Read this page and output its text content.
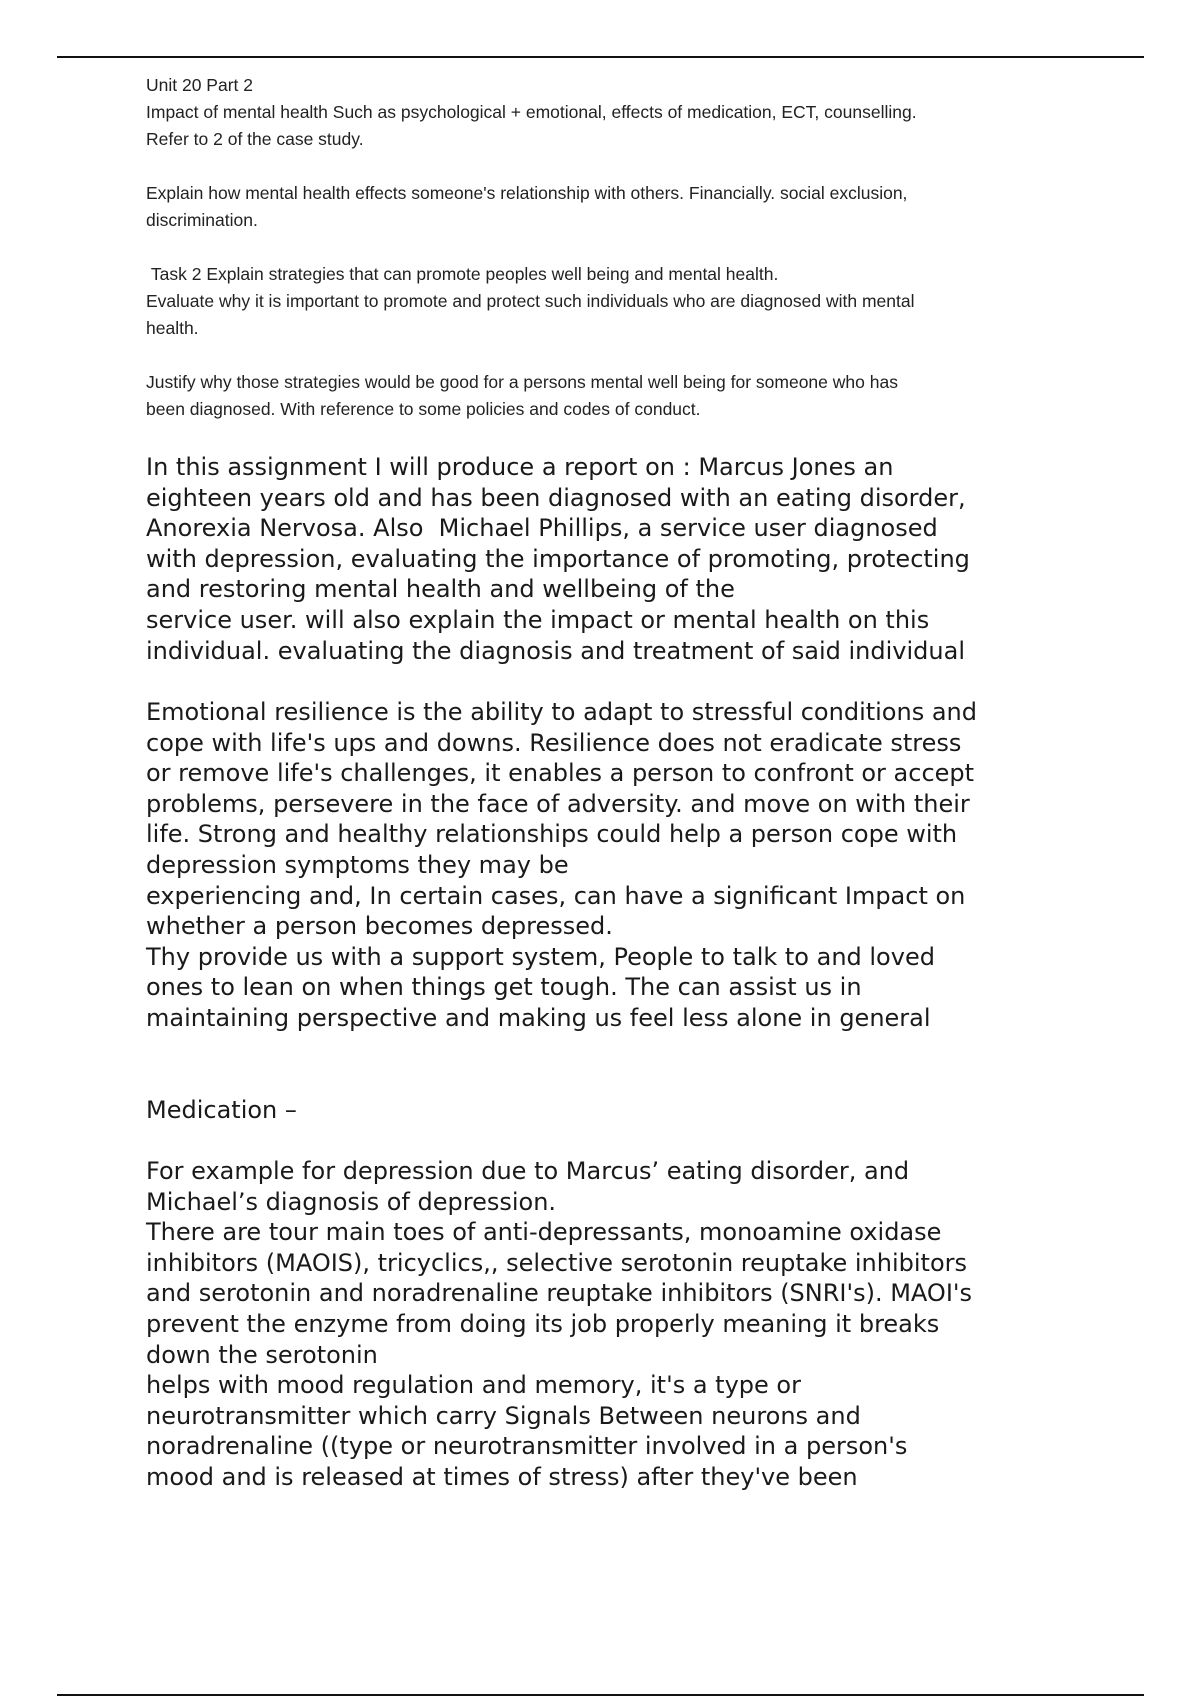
Unit 20 Part 2

Impact of mental health Such as psychological + emotional, effects of medication, ECT, counselling.

Refer to 2 of the case study.

Explain how mental health effects someone's relationship with others. Financially. social exclusion,

discrimination.

Task 2 Explain strategies that can promote peoples well being and mental health.

Evaluate why it is important to promote and protect such individuals who are diagnosed with mental

health.

Justify why those strategies would be good for a persons mental well being for someone who has

been diagnosed. With reference to some policies and codes of conduct.

In this assignment I will produce a report on : Marcus Jones an

eighteen years old and has been diagnosed with an eating disorder,

Anorexia Nervosa. Also  Michael Phillips, a service user diagnosed

with depression, evaluating the importance of promoting, protecting

and restoring mental health and wellbeing of the

service user. will also explain the impact or mental health on this

individual. evaluating the diagnosis and treatment of said individual

Emotional resilience is the ability to adapt to stressful conditions and

cope with life's ups and downs. Resilience does not eradicate stress

or remove life's challenges, it enables a person to confront or accept

problems, persevere in the face of adversity. and move on with their

life. Strong and healthy relationships could help a person cope with

depression symptoms they may be

experiencing and, In certain cases, can have a significant Impact on

whether a person becomes depressed.

Thy provide us with a support system, People to talk to and loved

ones to lean on when things get tough. The can assist us in

maintaining perspective and making us feel less alone in general

Medication –

For example for depression due to Marcus’ eating disorder, and

Michael’s diagnosis of depression.

There are tour main toes of anti-depressants, monoamine oxidase

inhibitors (MAOIS), tricyclics,, selective serotonin reuptake inhibitors

and serotonin and noradrenaline reuptake inhibitors (SNRI's). MAOI's

prevent the enzyme from doing its job properly meaning it breaks

down the serotonin

helps with mood regulation and memory, it's a type or

neurotransmitter which carry Signals Between neurons and

noradrenaline ((type or neurotransmitter involved in a person's

mood and is released at times of stress) after they've been
